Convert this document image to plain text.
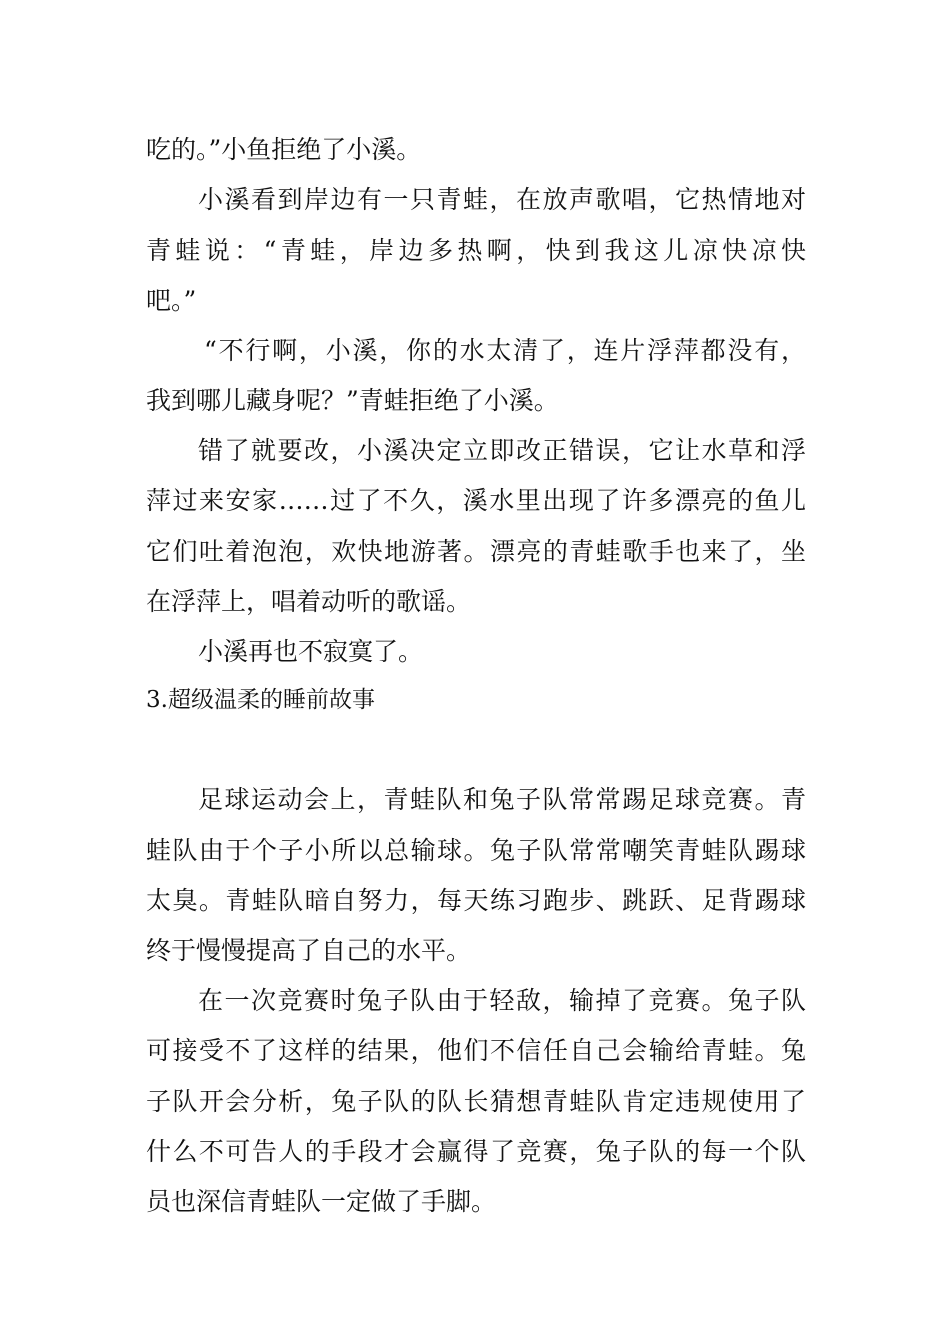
吃的。”小鱼拒绝了小溪。
小溪看到岸边有一只青蛙，在放声歌唱，它热情地对
青蛙说：“青蛙，岸边多热啊，快到我这儿凉快凉快
吧。”
“不行啊，小溪，你的水太清了，连片浮萍都没有，
我到哪儿藏身呢？”青蛙拒绝了小溪。
错了就要改，小溪决定立即改正错误，它让水草和浮
萍过来安家……过了不久，溪水里出现了许多漂亮的鱼儿
它们吐着泡泡，欢快地游著。漂亮的青蛙歌手也来了，坐
在浮萍上，唱着动听的歌谣。
小溪再也不寂寞了。
3.超级温柔的睡前故事
足球运动会上，青蛙队和兔子队常常踢足球竞赛。青
蛙队由于个子小所以总输球。兔子队常常嘲笑青蛙队踢球
太臭。青蛙队暗自努力，每天练习跑步、跳跃、足背踢球
终于慢慢提高了自己的水平。
在一次竞赛时兔子队由于轻敌，输掉了竞赛。兔子队
可接受不了这样的结果，他们不信任自己会输给青蛙。兔
子队开会分析，兔子队的队长猜想青蛙队肯定违规使用了
什么不可告人的手段才会赢得了竞赛，兔子队的每一个队
员也深信青蛙队一定做了手脚。
